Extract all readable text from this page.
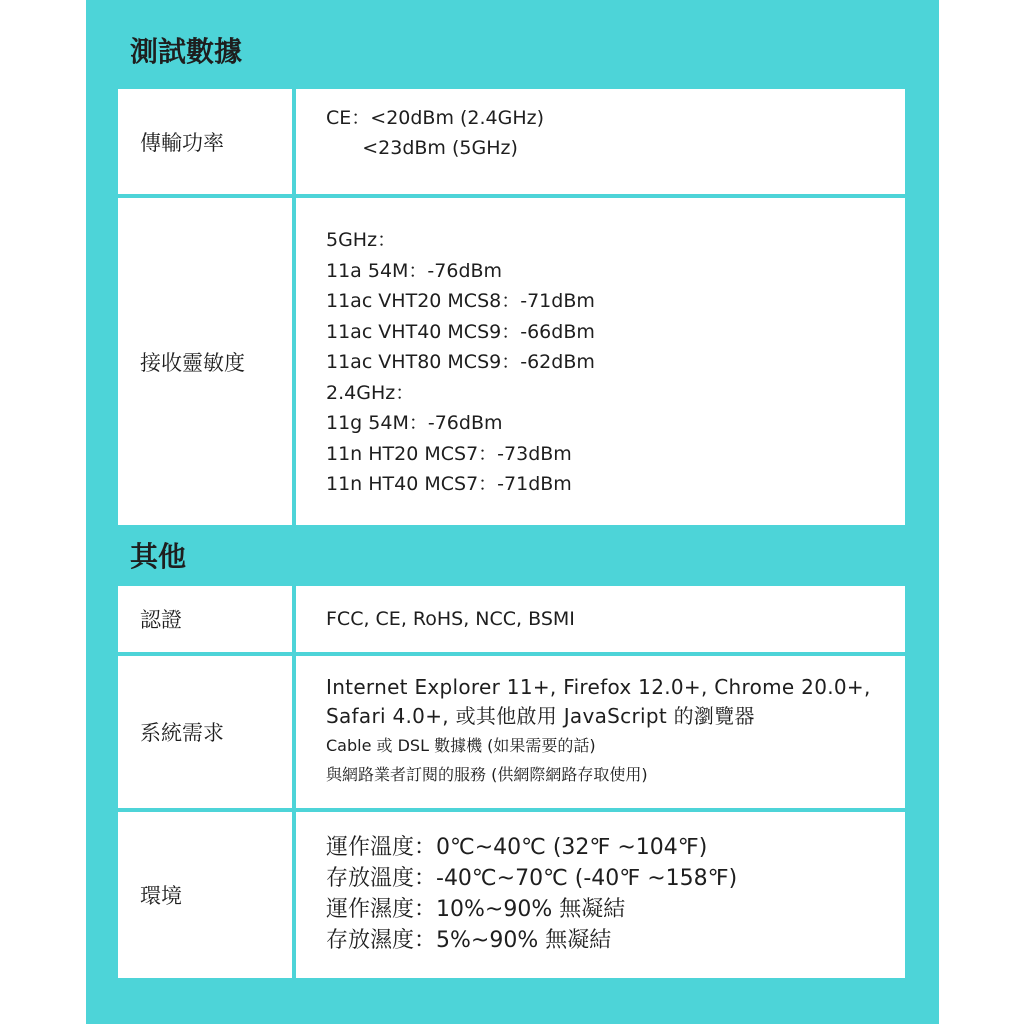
測試數據
傳輸功率
CE：<20dBm (2.4GHz)
<23dBm (5GHz)
接收靈敏度
5GHz：
11a 54M：-76dBm
11ac VHT20 MCS8：-71dBm
11ac VHT40 MCS9：-66dBm
11ac VHT80 MCS9：-62dBm
2.4GHz：
11g 54M：-76dBm
11n HT20 MCS7：-73dBm
11n HT40 MCS7：-71dBm
其他
認證	FCC, CE, RoHS, NCC, BSMI
系統需求
Internet Explorer 11+, Firefox 12.0+, Chrome 20.0+,
Safari 4.0+, 或其他啟用 JavaScript 的瀏覽器
Cable 或 DSL 數據機 (如果需要的話)
與網路業者訂閱的服務 (供網際網路存取使用)
環境
運作溫度：0℃~40℃ (32℉ ~104℉)
存放溫度：-40℃~70℃ (-40℉ ~158℉)
運作濕度：10%~90% 無凝結
存放濕度：5%~90% 無凝結
